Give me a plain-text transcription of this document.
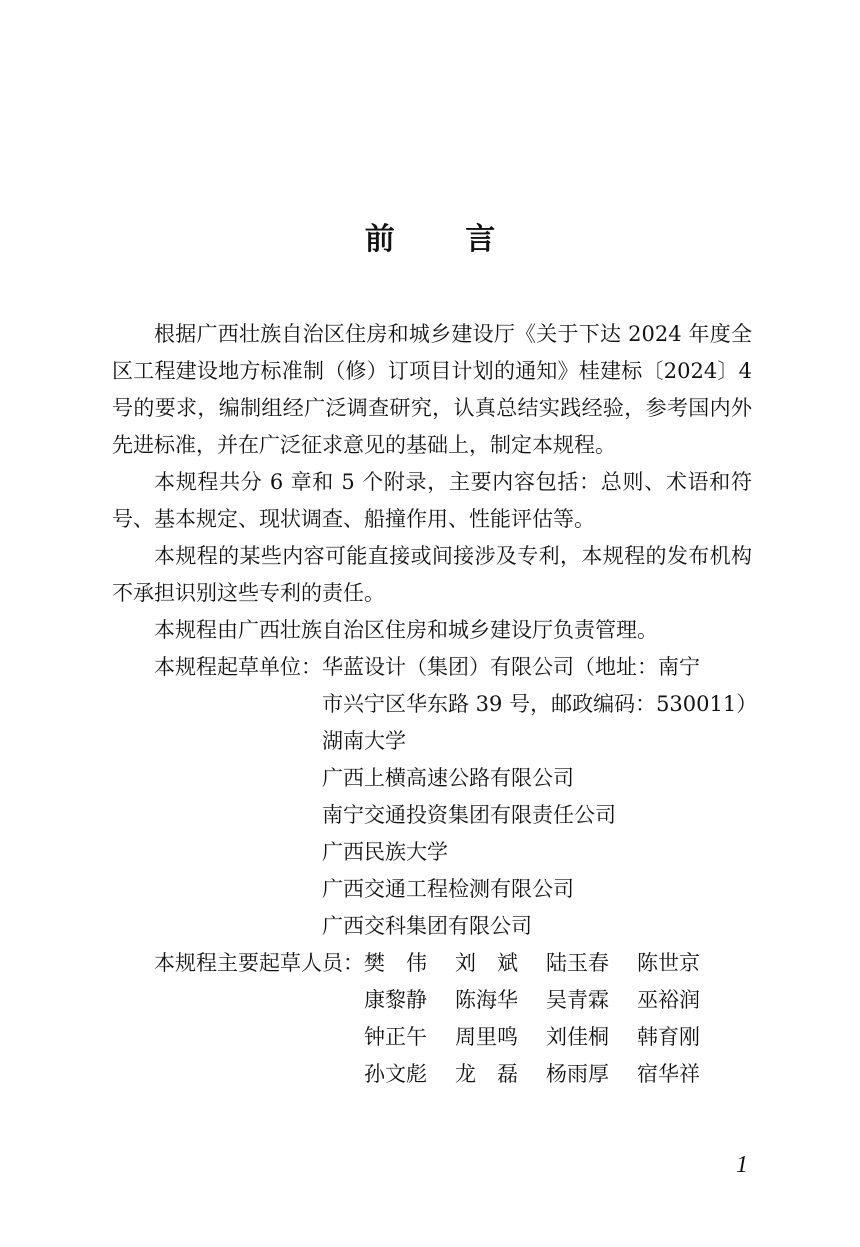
前 言

根据广西壮族自治区住房和城乡建设厅《关于下达 2024 年度全区工程建设地方标准制（修）订项目计划的通知》桂建标〔2024〕4 号的要求，编制组经广泛调查研究，认真总结实践经验，参考国内外先进标准，并在广泛征求意见的基础上，制定本规程。

本规程共分 6 章和 5 个附录，主要内容包括：总则、术语和符号、基本规定、现状调查、船撞作用、性能评估等。

本规程的某些内容可能直接或间接涉及专利，本规程的发布机构不承担识别这些专利的责任。

本规程由广西壮族自治区住房和城乡建设厅负责管理。

本规程起草单位： 华蓝设计（集团）有限公司（地址：南宁
市兴宁区华东路 39 号，邮政编码：530011）
湖南大学
广西上横高速公路有限公司
南宁交通投资集团有限责任公司
广西民族大学
广西交通工程检测有限公司
广西交科集团有限公司
本规程主要起草人员： 樊　伟	刘　斌	陆玉春	陈世京
康黎静	陈海华	吴青霖	巫裕润
钟正午	周里鸣	刘佳桐	韩育刚
孙文彪	龙　磊	杨雨厚	宿华祥
1
